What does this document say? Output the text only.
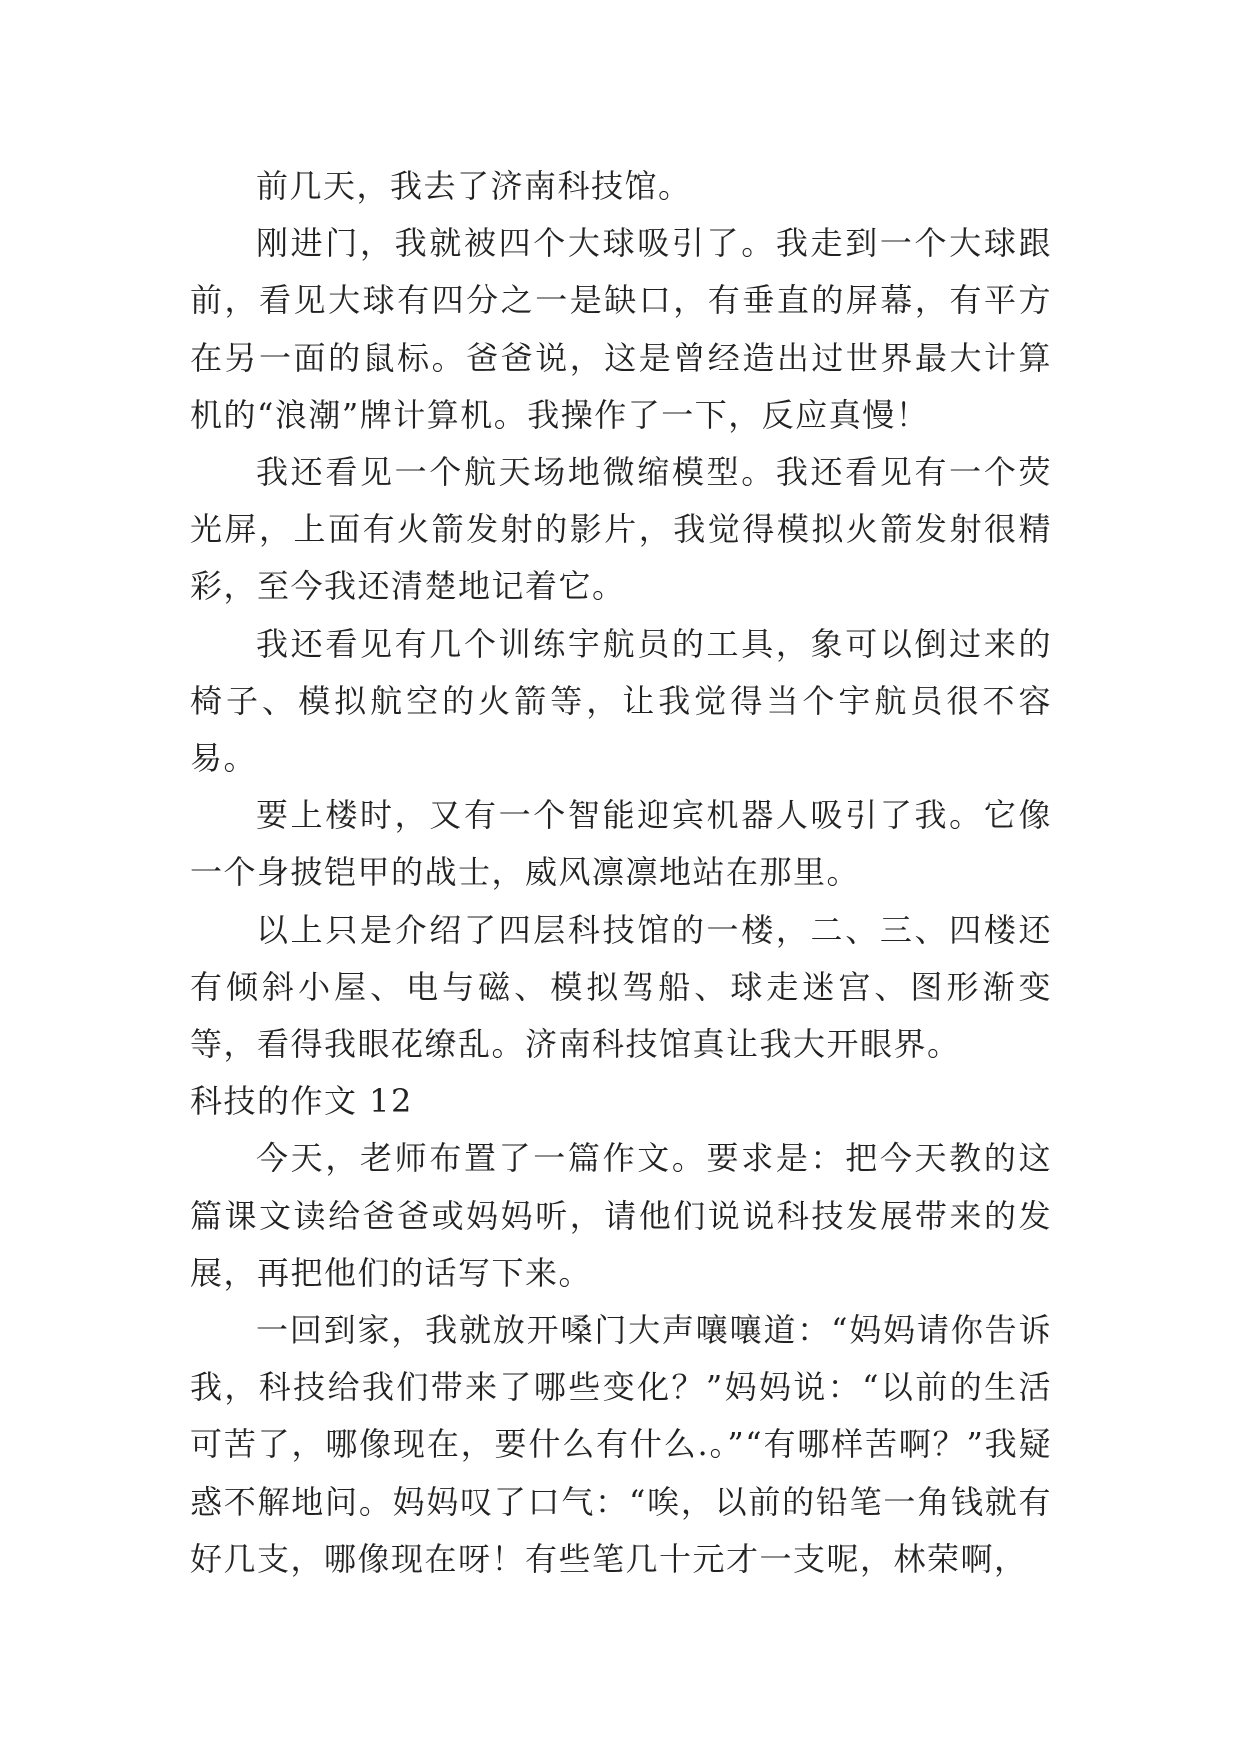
前几天，我去了济南科技馆。

刚进门，我就被四个大球吸引了。我走到一个大球跟前，看见大球有四分之一是缺口，有垂直的屏幕，有平方在另一面的鼠标。爸爸说，这是曾经造出过世界最大计算机的“浪潮”牌计算机。我操作了一下，反应真慢！

我还看见一个航天场地微缩模型。我还看见有一个荧光屏，上面有火箭发射的影片，我觉得模拟火箭发射很精彩，至今我还清楚地记着它。

我还看见有几个训练宇航员的工具，象可以倒过来的椅子、模拟航空的火箭等，让我觉得当个宇航员很不容易。

要上楼时，又有一个智能迎宾机器人吸引了我。它像一个身披铠甲的战士，威风凛凛地站在那里。

以上只是介绍了四层科技馆的一楼，二、三、四楼还有倾斜小屋、电与磁、模拟驾船、球走迷宫、图形渐变等，看得我眼花缭乱。济南科技馆真让我大开眼界。

科技的作文 12

今天，老师布置了一篇作文。要求是：把今天教的这篇课文读给爸爸或妈妈听，请他们说说科技发展带来的发展，再把他们的话写下来。

一回到家，我就放开嗓门大声嚷嚷道：“妈妈请你告诉我，科技给我们带来了哪些变化？”妈妈说：“以前的生活可苦了，哪像现在，要什么有什么.。”“有哪样苦啊？”我疑惑不解地问。妈妈叹了口气：“唉，以前的铅笔一角钱就有好几支，哪像现在呀！有些笔几十元才一支呢，林荣啊，
